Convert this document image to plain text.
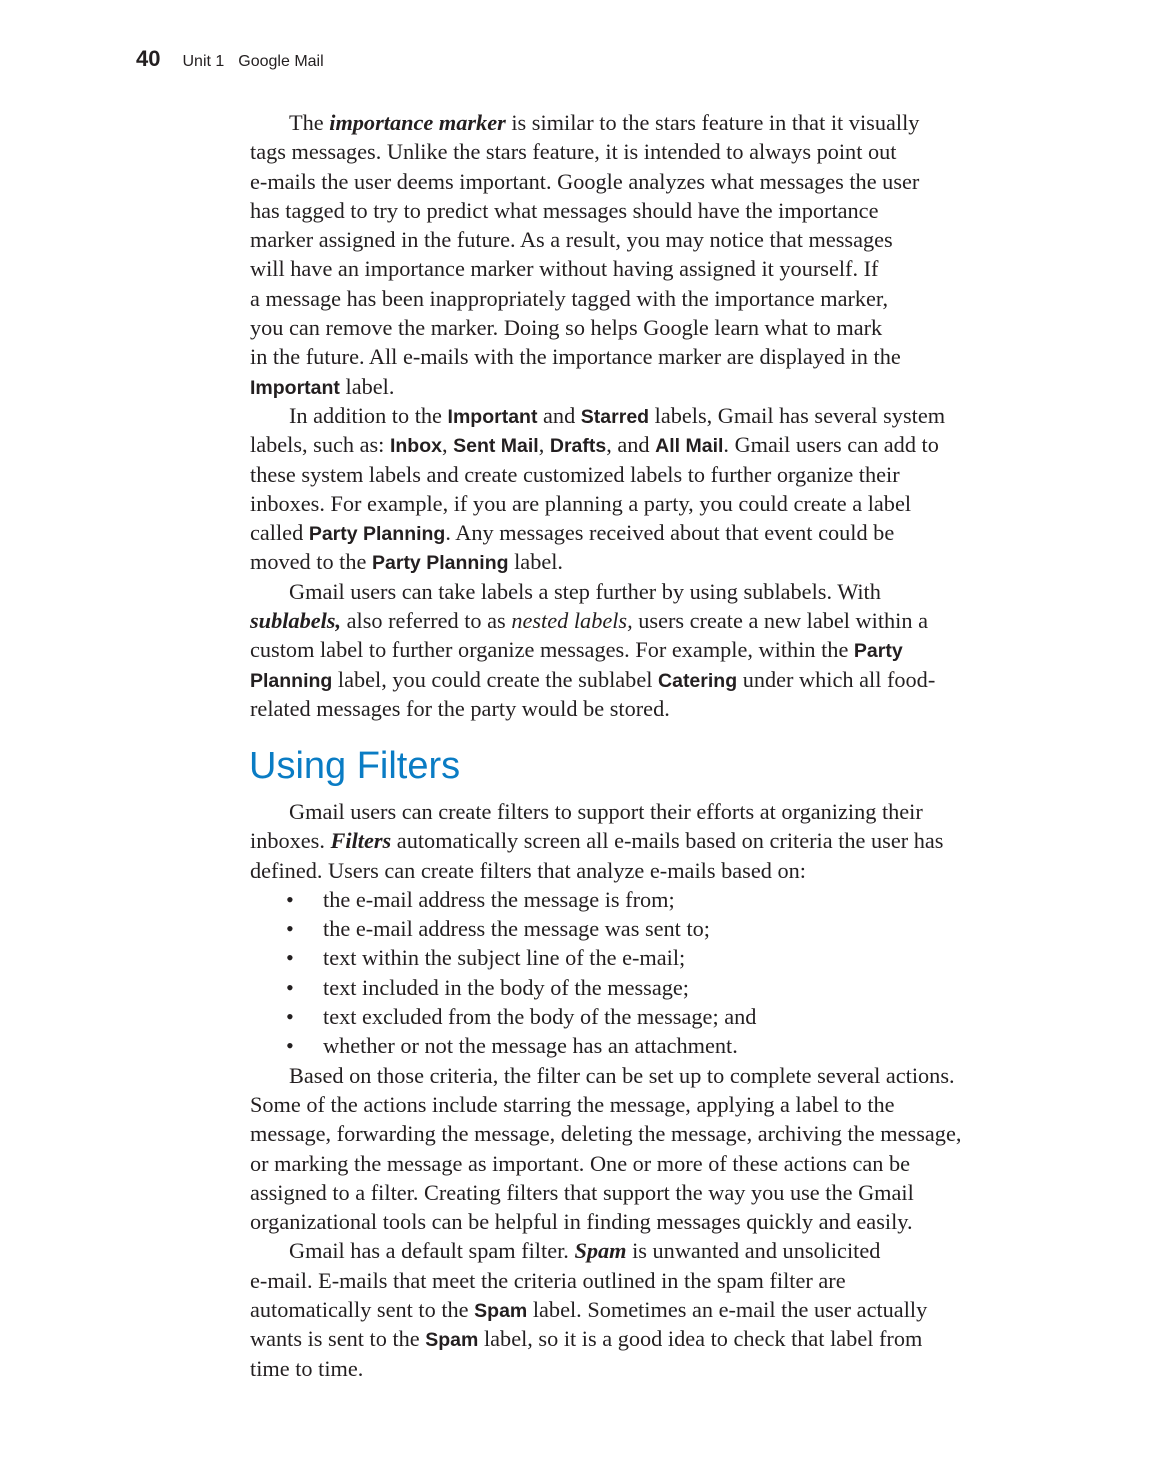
40 Unit 1 Google Mail
The importance marker is similar to the stars feature in that it visually
tags messages. Unlike the stars feature, it is intended to always point out
e-mails the user deems important. Google analyzes what messages the user
has tagged to try to predict what messages should have the importance
marker assigned in the future. As a result, you may notice that messages
will have an importance marker without having assigned it yourself. If
a message has been inappropriately tagged with the importance marker,
you can remove the marker. Doing so helps Google learn what to mark
in the future. All e-mails with the importance marker are displayed in the
Important label.
In addition to the Important and Starred labels, Gmail has several system
labels, such as: Inbox, Sent Mail, Drafts, and All Mail. Gmail users can add to
these system labels and create customized labels to further organize their
inboxes. For example, if you are planning a party, you could create a label
called Party Planning. Any messages received about that event could be
moved to the Party Planning label.
Gmail users can take labels a step further by using sublabels. With
sublabels, also referred to as nested labels, users create a new label within a
custom label to further organize messages. For example, within the Party
Planning label, you could create the sublabel Catering under which all food-
related messages for the party would be stored.
Using Filters
Gmail users can create filters to support their efforts at organizing their
inboxes. Filters automatically screen all e-mails based on criteria the user has
defined. Users can create filters that analyze e-mails based on:
• the e-mail address the message is from;
• the e-mail address the message was sent to;
• text within the subject line of the e-mail;
• text included in the body of the message;
• text excluded from the body of the message; and
• whether or not the message has an attachment.
Based on those criteria, the filter can be set up to complete several actions.
Some of the actions include starring the message, applying a label to the
message, forwarding the message, deleting the message, archiving the message,
or marking the message as important. One or more of these actions can be
assigned to a filter. Creating filters that support the way you use the Gmail
organizational tools can be helpful in finding messages quickly and easily.
Gmail has a default spam filter. Spam is unwanted and unsolicited
e-mail. E-mails that meet the criteria outlined in the spam filter are
automatically sent to the Spam label. Sometimes an e-mail the user actually
wants is sent to the Spam label, so it is a good idea to check that label from
time to time.
